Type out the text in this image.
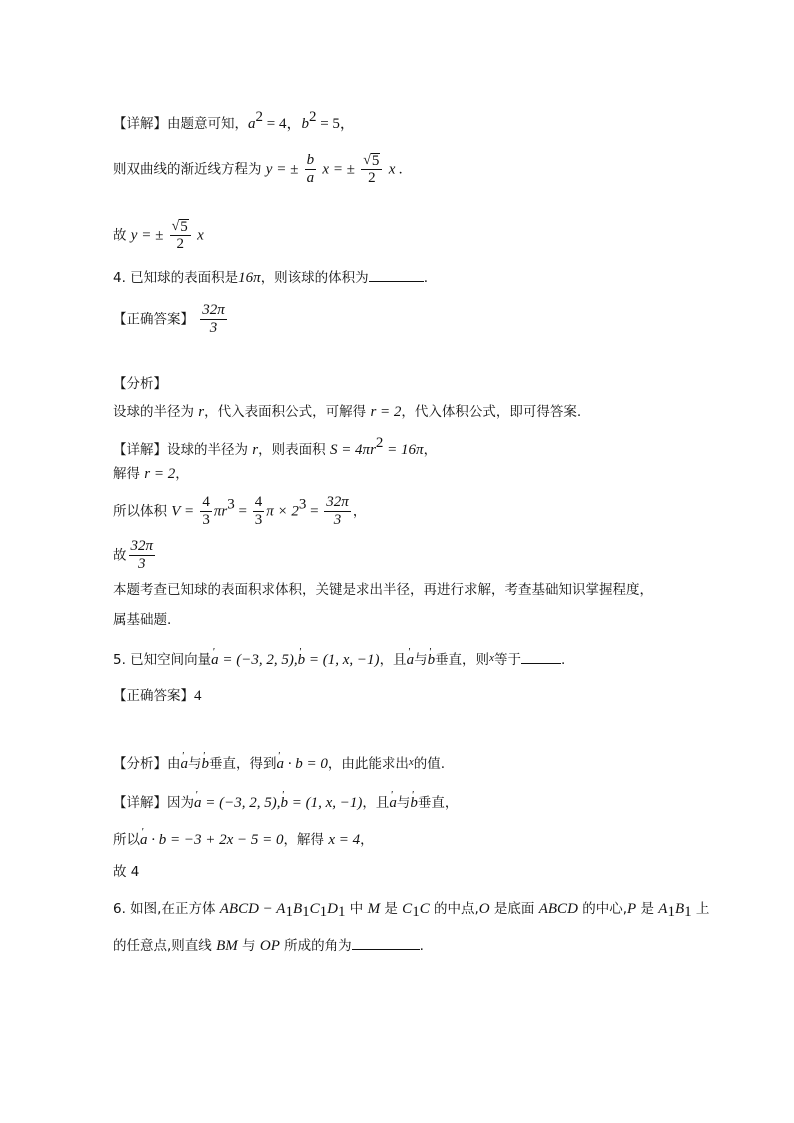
【详解】由题意可知，$a^2 = 4$，$b^2 = 5$，
则双曲线的渐近线方程为 y = ± $\frac{b}{a}$ x = ± $\frac{√ 5}{2}$ x .
故 y = ± $\frac{√ 5}{2}$ x
4. 已知球的表面积是16π，则该球的体积为	.
【正确答案】 $\frac{32\pi}{3}$
【分析】
设球的半径为 r，代入表面积公式，可解得 r = 2，代入体积公式，即可得答案.
【详解】设球的半径为 r，则表面积 $S = 4\pi r^2 = 16\pi$，
解得 r = 2，
所以体积 $V = \frac{4}{3} \pi r^3 = \frac{4}{3}$ $\pi \times 2^3 = \frac{32\pi}{3}$ ，
故 $\frac{32\pi}{3}$
本题考查已知球的表面积求体积，关键是求出半径，再进行求解，考查基础知识掌握程度，
属基础题.
5. 已知空间向量' a = (−3, 2, 5),' b = (1, x, −1)，且' a与' b垂直，则$^x$等于	.
【正确答案】4
【分析】由' a与' b垂直，得到' a · b = 0，由此能求出$^x$的值.
【详解】因为' a = (−3, 2, 5),' b = (1, x, −1)，且' a与' b垂直，
所以' a · b = −3 + 2x − 5 = 0，解得 x = 4，
故 4
6. 如图,在正方体 ABCD − $A_1B_1C_1D_1$ 中 M 是 $C_1C$ 的中点,O 是底面 ABCD 的中心,P 是 $A_1B_1$ 上
的任意点,则直线 BM 与 OP 所成的角为	.
